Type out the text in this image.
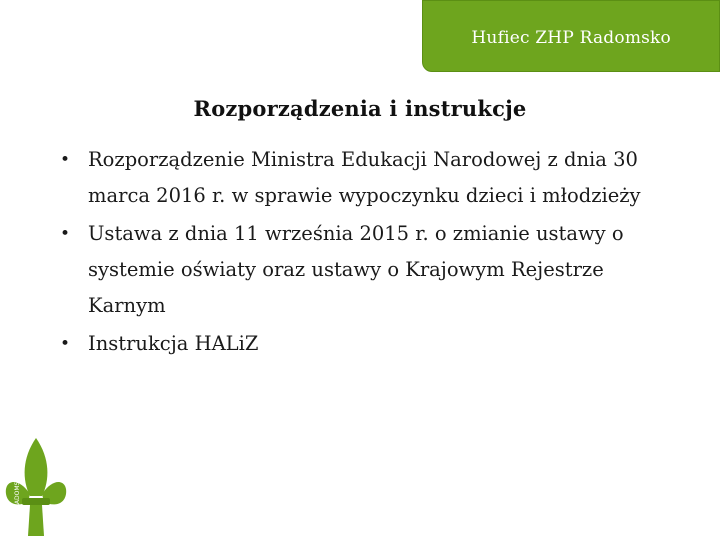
Hufiec ZHP Radomsko
Rozporządzenia i instrukcje
• Rozporządzenie Ministra Edukacji Narodowej z dnia 30 marca 2016 r. w sprawie wypoczynku dzieci i młodzieży
• Ustawa z dnia 11 września 2015 r. o zmianie ustawy o systemie oświaty oraz ustawy o Krajowym Rejestrze Karnym
• Instrukcja HALiZ
HUFIEC RADOMSKO
